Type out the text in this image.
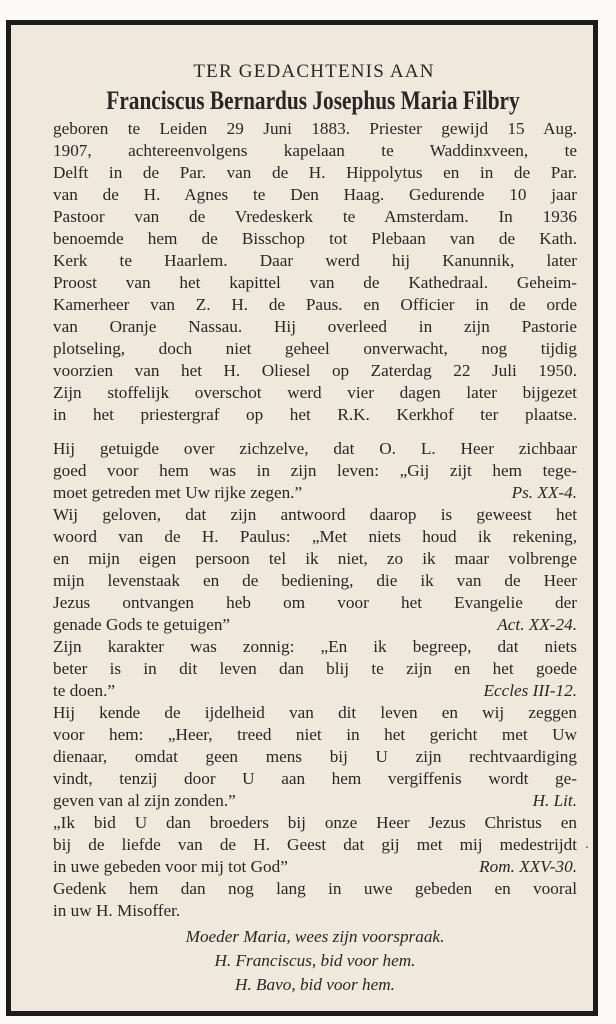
TER GEDACHTENIS AAN
Franciscus Bernardus Josephus Maria Filbry
geboren te Leiden 29 Juni 1883. Priester gewijd 15 Aug.
1907, achtereenvolgens kapelaan te Waddinxveen, te
Delft in de Par. van de H. Hippolytus en in de Par.
van de H. Agnes te Den Haag. Gedurende 10 jaar
Pastoor van de Vredeskerk te Amsterdam. In 1936
benoemde hem de Bisschop tot Plebaan van de Kath.
Kerk te Haarlem. Daar werd hij Kanunnik, later
Proost van het kapittel van de Kathedraal. Geheim-
Kamerheer van Z. H. de Paus. en Officier in de orde
van Oranje Nassau. Hij overleed in zijn Pastorie
plotseling, doch niet geheel onverwacht, nog tijdig
voorzien van het H. Oliesel op Zaterdag 22 Juli 1950.
Zijn stoffelijk overschot werd vier dagen later bijgezet
in het priestergraf op het R.K. Kerkhof ter plaatse.
Hij getuigde over zichzelve, dat O. L. Heer zichbaar
goed voor hem was in zijn leven: „Gij zijt hem tege-
moet getreden met Uw rijke zegen.”	Ps. XX-4.
Wij geloven, dat zijn antwoord daarop is geweest het
woord van de H. Paulus: „Met niets houd ik rekening,
en mijn eigen persoon tel ik niet, zo ik maar volbrenge
mijn levenstaak en de bediening, die ik van de Heer
Jezus ontvangen heb om voor het Evangelie der
genade Gods te getuigen”	Act. XX-24.
Zijn karakter was zonnig: „En ik begreep, dat niets
beter is in dit leven dan blij te zijn en het goede
te doen.”	Eccles III-12.
Hij kende de ijdelheid van dit leven en wij zeggen
voor hem: „Heer, treed niet in het gericht met Uw
dienaar, omdat geen mens bij U zijn rechtvaardiging
vindt, tenzij door U aan hem vergiffenis wordt ge-
geven van al zijn zonden.”	H. Lit.
„Ik bid U dan broeders bij onze Heer Jezus Christus en
bij de liefde van de H. Geest dat gij met mij medestrijdt
in uwe gebeden voor mij tot God”	Rom. XXV-30.
Gedenk hem dan nog lang in uwe gebeden en vooral
in uw H. Misoffer.
Moeder Maria, wees zijn voorspraak.
H. Franciscus, bid voor hem.
H. Bavo, bid voor hem.
.
